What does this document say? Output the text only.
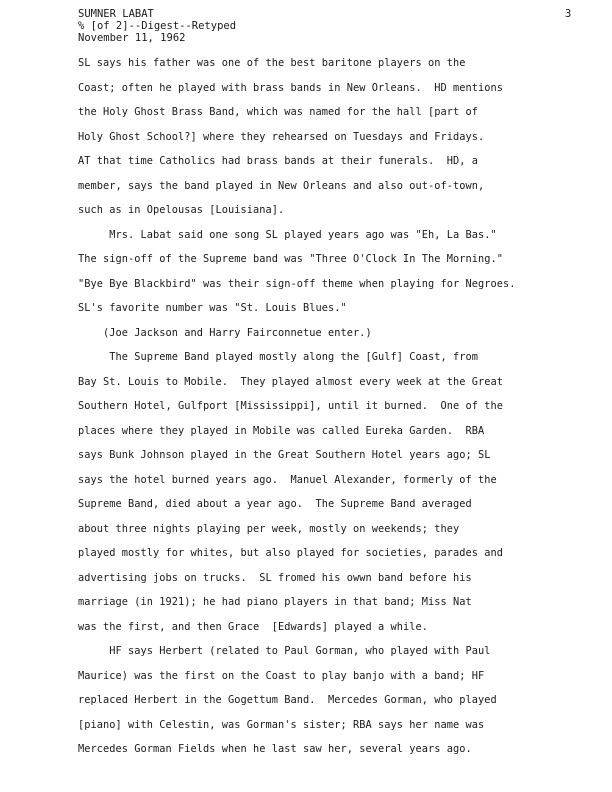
3
SUMNER LABAT
% [of 2]--Digest--Retyped
November 11, 1962
SL says his father was one of the best baritone players on the
Coast; often he played with brass bands in New Orleans.  HD mentions
the Holy Ghost Brass Band, which was named for the hall [part of
Holy Ghost School?] where they rehearsed on Tuesdays and Fridays.
AT that time Catholics had brass bands at their funerals.  HD, a
member, says the band played in New Orleans and also out-of-town,
such as in Opelousas [Louisiana].
Mrs. Labat said one song SL played years ago was "Eh, La Bas."
The sign-off of the Supreme band was "Three O'Clock In The Morning."
"Bye Bye Blackbird" was their sign-off theme when playing for Negroes.
SL's favorite number was "St. Louis Blues."
(Joe Jackson and Harry Fairconnetue enter.)
The Supreme Band played mostly along the [Gulf] Coast, from
Bay St. Louis to Mobile.  They played almost every week at the Great
Southern Hotel, Gulfport [Mississippi], until it burned.  One of the
places where they played in Mobile was called Eureka Garden.  RBA
says Bunk Johnson played in the Great Southern Hotel years ago; SL
says the hotel burned years ago.  Manuel Alexander, formerly of the
Supreme Band, died about a year ago.  The Supreme Band averaged
about three nights playing per week, mostly on weekends; they
played mostly for whites, but also played for societies, parades and
advertising jobs on trucks.  SL fromed his owwn band before his
marriage (in 1921); he had piano players in that band; Miss Nat
was the first, and then Grace  [Edwards] played a while.
HF says Herbert (related to Paul Gorman, who played with Paul
Maurice) was the first on the Coast to play banjo with a band; HF
replaced Herbert in the Gogettum Band.  Mercedes Gorman, who played
[piano] with Celestin, was Gorman's sister; RBA says her name was
Mercedes Gorman Fields when he last saw her, several years ago.
